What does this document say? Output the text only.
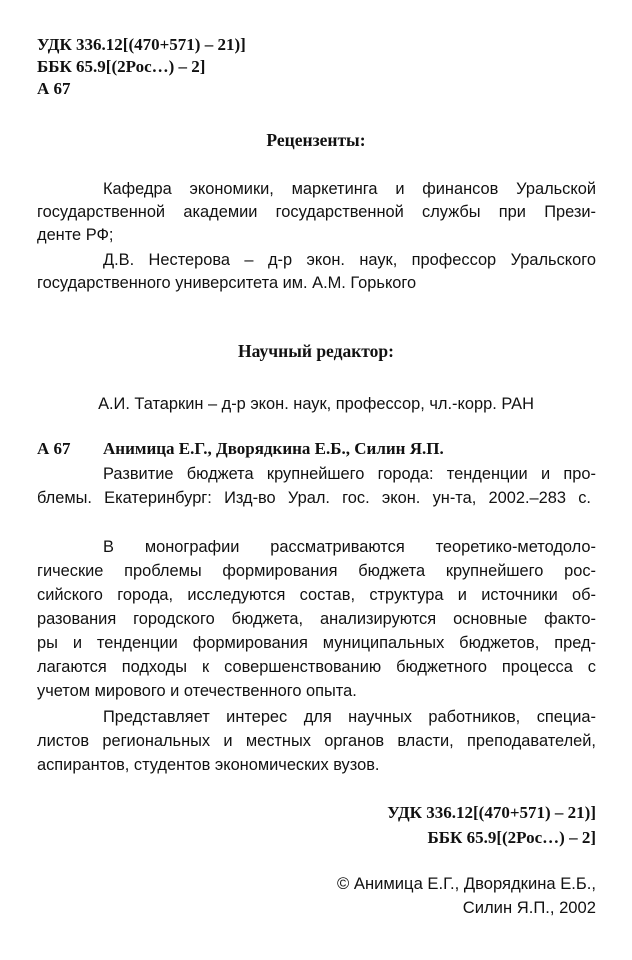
УДК 336.12[(470+571) – 21)]
ББК 65.9[(2Рос…) – 2]
А 67
Рецензенты:
Кафедра экономики, маркетинга и финансов Уральской
государственной академии государственной службы при Прези-
денте РФ;
Д.В. Нестерова – д-р экон. наук, профессор Уральского
государственного университета им. А.М. Горького
Научный редактор:
А.И. Татаркин – д-р экон. наук, профессор, чл.-корр. РАН
А 67 Анимица Е.Г., Дворядкина Е.Б., Силин Я.П.
Развитие бюджета крупнейшего города: тенденции и про-
блемы. Екатеринбург: Изд-во Урал. гос. экон. ун-та, 2002.–283 с.
В монографии рассматриваются теоретико-методоло-
гические проблемы формирования бюджета крупнейшего рос-
сийского города, исследуются состав, структура и источники об-
разования городского бюджета, анализируются основные факто-
ры и тенденции формирования муниципальных бюджетов, пред-
лагаются подходы к совершенствованию бюджетного процесса с
учетом мирового и отечественного опыта.
Представляет интерес для научных работников, специа-
листов региональных и местных органов власти, преподавателей,
аспирантов, студентов экономических вузов.
УДК 336.12[(470+571) – 21)]
ББК 65.9[(2Рос…) – 2]
© Анимица Е.Г., Дворядкина Е.Б.,
Силин Я.П., 2002
